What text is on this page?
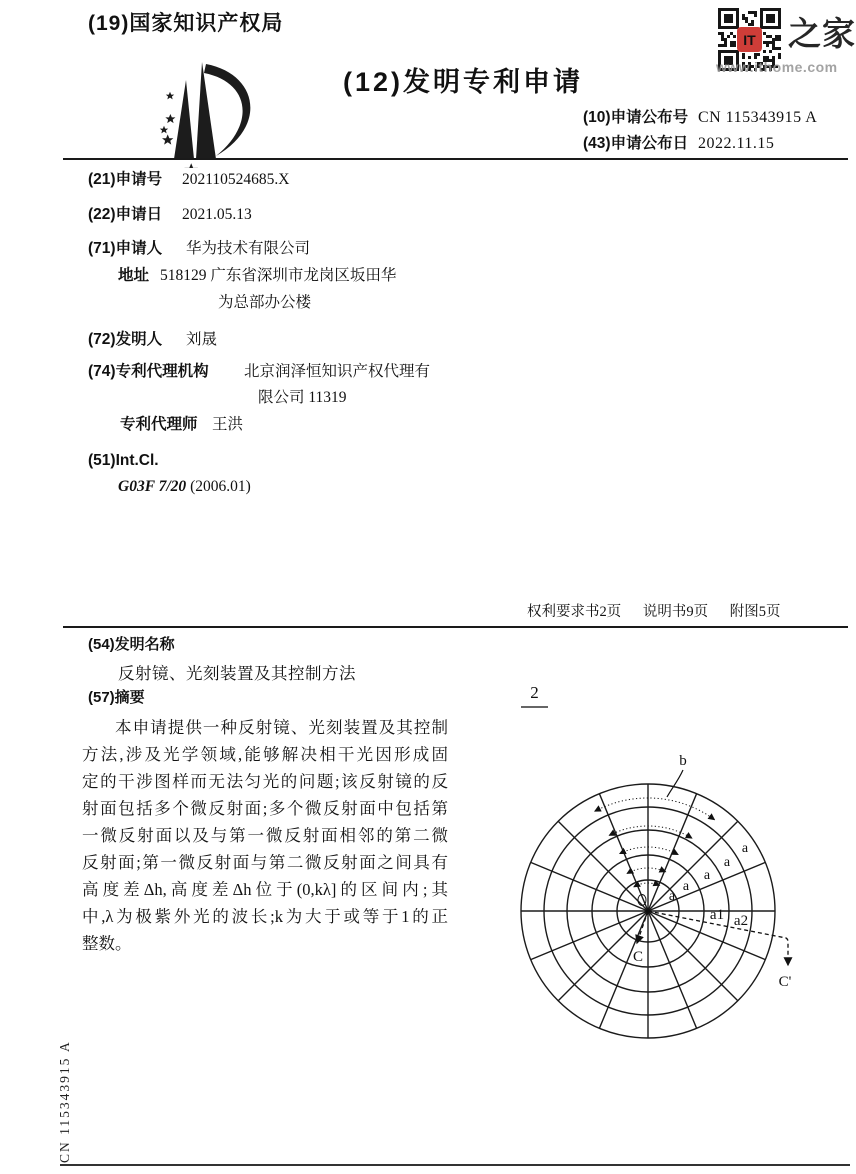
(19)国家知识产权局
(12)发明专利申请
(10)申请公布号 CN 115343915 A
(43)申请公布日 2022.11.15
(21)申请号 202110524685.X
(22)申请日 2021.05.13
(71)申请人 华为技术有限公司
地址 518129 广东省深圳市龙岗区坂田华
为总部办公楼
(72)发明人 刘晟
(74)专利代理机构 北京润泽恒知识产权代理有
限公司 11319
专利代理师 王洪
(51)Int.Cl.
G03F 7/20 (2006.01)
权利要求书2页 说明书9页 附图5页
(54)发明名称
反射镜、光刻装置及其控制方法
(57)摘要
本申请提供一种反射镜、光刻装置及其控制
方法,涉及光学领域,能够解决相干光因形成固
定的干涉图样而无法匀光的问题;该反射镜的反
射面包括多个微反射面;多个微反射面中包括第
一微反射面以及与第一微反射面相邻的第二微
反射面;第一微反射面与第二微反射面之间具有
高度差Δh,高度差Δh位于(0,kλ]的区间内;其
中,λ为极紫外光的波长;k为大于或等于1的正
整数。
2
b
a
a
a
a
a
a1 a2
C
C'
IT 之家
www.ithome.com
CN 115343915 A
